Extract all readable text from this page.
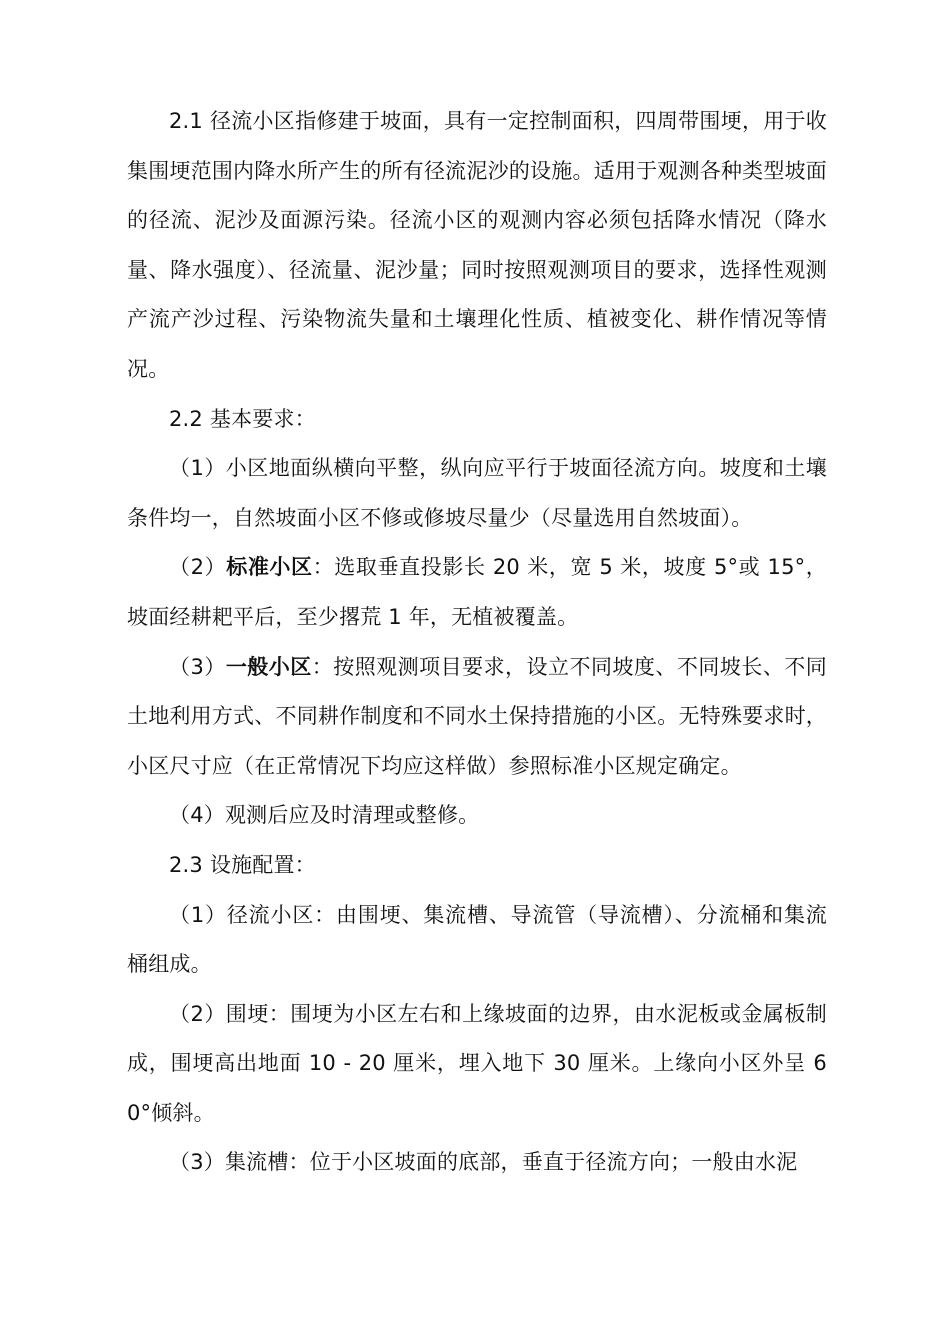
2.1 径流小区指修建于坡面，具有一定控制面积，四周带围埂，用于收集围埂范围内降水所产生的所有径流泥沙的设施。适用于观测各种类型坡面的径流、泥沙及面源污染。径流小区的观测内容必须包括降水情况（降水量、降水强度）、径流量、泥沙量；同时按照观测项目的要求，选择性观测产流产沙过程、污染物流失量和土壤理化性质、植被变化、耕作情况等情况。

2.2 基本要求：

（1）小区地面纵横向平整，纵向应平行于坡面径流方向。坡度和土壤条件均一，自然坡面小区不修或修坡尽量少（尽量选用自然坡面）。

（2）标准小区：选取垂直投影长 20 米，宽 5 米，坡度 5°或 15°，坡面经耕耙平后，至少撂荒 1 年，无植被覆盖。

（3）一般小区：按照观测项目要求，设立不同坡度、不同坡长、不同土地利用方式、不同耕作制度和不同水土保持措施的小区。无特殊要求时，小区尺寸应（在正常情况下均应这样做）参照标准小区规定确定。

（4）观测后应及时清理或整修。

2.3 设施配置：

（1）径流小区：由围埂、集流槽、导流管（导流槽）、分流桶和集流桶组成。

（2）围埂：围埂为小区左右和上缘坡面的边界，由水泥板或金属板制成，围埂高出地面 10 - 20 厘米，埋入地下 30 厘米。上缘向小区外呈 60°倾斜。

（3）集流槽：位于小区坡面的底部，垂直于径流方向；一般由水泥
